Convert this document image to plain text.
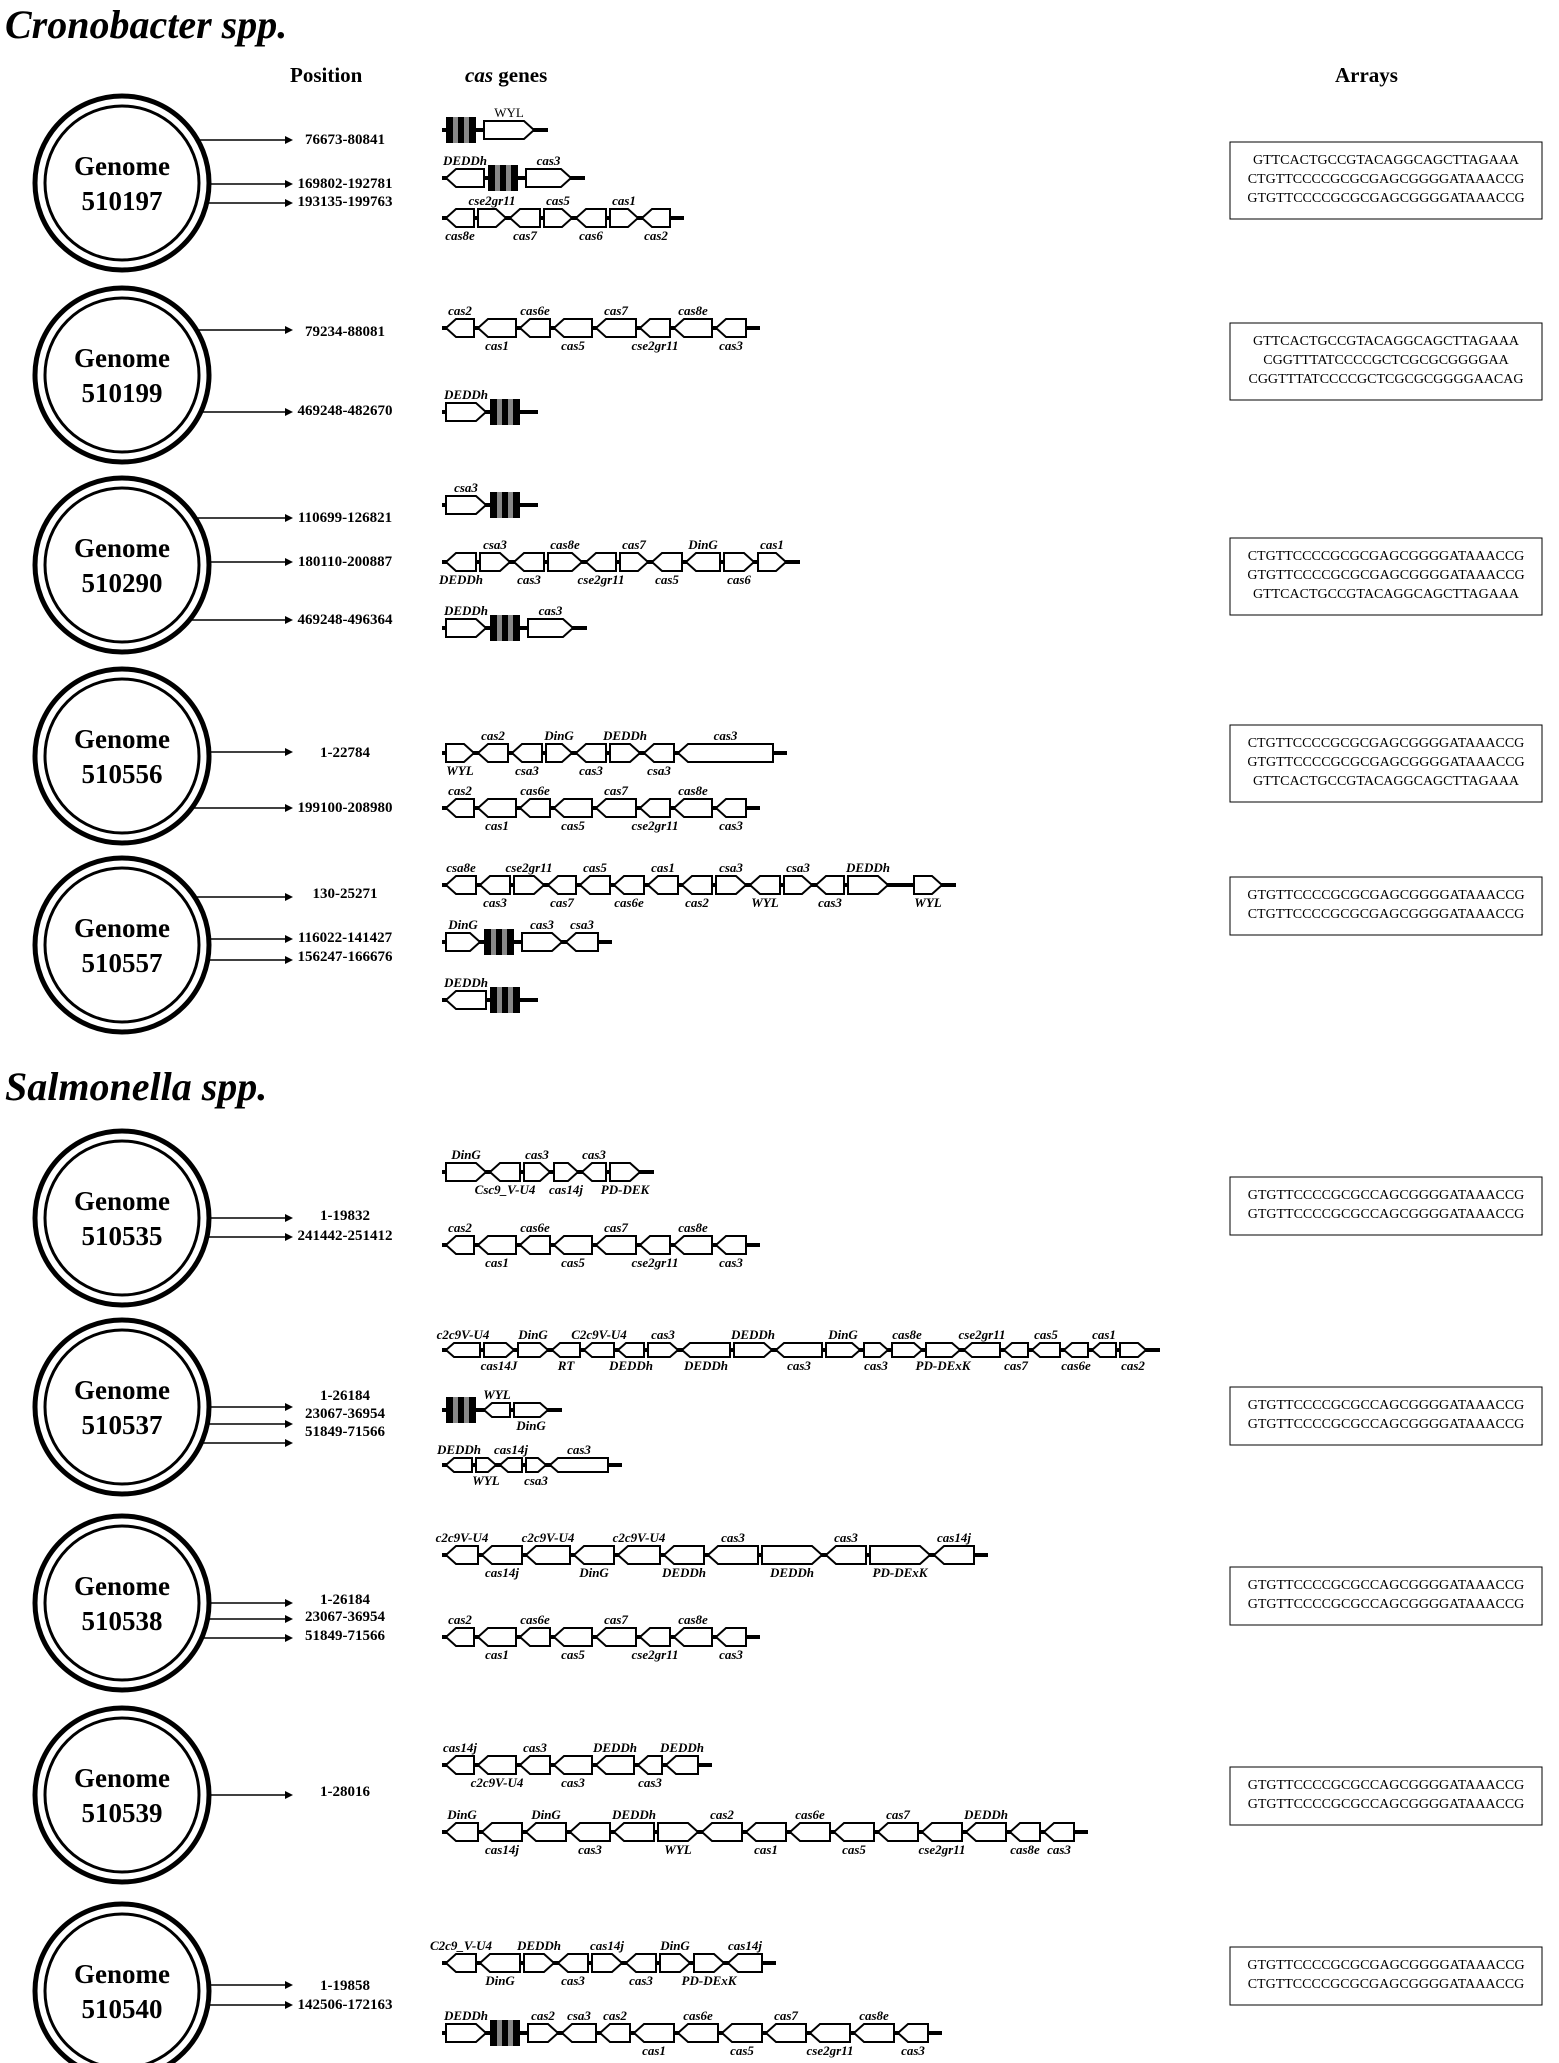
Cronobacter spp.
Position	cas genes	Arrays
Salmonella spp.
Genome
510197
76673-80841
169802-192781
193135-199763
WYL
DEDDh	cas3
cas8e
cse2gr11
cas7
cas5
cas6
cas1
cas2
GTTCACTGCCGTACAGGCAGCTTAGAAA
CTGTTCCCCGCGCGAGCGGGGATAAACCG
GTGTTCCCCGCGCGAGCGGGGATAAACCG
Genome
510199
79234-88081
469248-482670
cas2
cas1
cas6e
cas5
cas7
cse2gr11
cas8e
cas3
DEDDh
GTTCACTGCCGTACAGGCAGCTTAGAAA
CGGTTTATCCCCGCTCGCGCGGGGAA
CGGTTTATCCCCGCTCGCGCGGGGAACAG
Genome
510290
110699-126821
180110-200887
469248-496364
csa3
DEDDh
csa3
cas3
cas8e
cse2gr11
cas7
cas5
DinG
cas6
cas1
DEDDh	cas3
CTGTTCCCCGCGCGAGCGGGGATAAACCG
GTGTTCCCCGCGCGAGCGGGGATAAACCG
GTTCACTGCCGTACAGGCAGCTTAGAAA
Genome
510556
1-22784
199100-208980
WYL
cas2
csa3
DinG
cas3
DEDDh
csa3
cas3
cas2
cas1
cas6e
cas5
cas7
cse2gr11
cas8e
cas3
CTGTTCCCCGCGCGAGCGGGGATAAACCG
GTGTTCCCCGCGCGAGCGGGGATAAACCG
GTTCACTGCCGTACAGGCAGCTTAGAAA
Genome
510557
130-25271
116022-141427
156247-166676
csa8e
cas3
cse2gr11
cas7
cas5
cas6e
cas1
cas2
csa3
WYL
csa3
cas3
DEDDh
WYL
DinG	cas3 csa3
DEDDh
GTGTTCCCCGCGCGAGCGGGGATAAACCG
CTGTTCCCCGCGCGAGCGGGGATAAACCG
Genome
510535
1-19832
241442-251412
DinG
Csc9_V-U4
cas3
cas14j
cas3
PD-DEK
cas2
cas1
cas6e
cas5
cas7
cse2gr11
cas8e
cas3
GTGTTCCCCGCGCCAGCGGGGATAAACCG
GTGTTCCCCGCGCCAGCGGGGATAAACCG
Genome
510537
1-26184
23067-36954
51849-71566
c2c9V-U4
cas14J
DinG
RT
C2c9V-U4
DEDDh
cas3
DEDDh
DEDDh
cas3
DinG
cas3
cas8e
PD-DExK
cse2gr11
cas7
cas5
cas6e
cas1
cas2
WYL
DinG
DEDDh
WYL
cas14j
csa3
cas3
GTGTTCCCCGCGCCAGCGGGGATAAACCG
GTGTTCCCCGCGCCAGCGGGGATAAACCG
Genome
510538
1-26184
23067-36954
51849-71566
c2c9V-U4
cas14j
c2c9V-U4
DinG
c2c9V-U4
DEDDh
cas3
DEDDh
cas3
PD-DExK
cas14j
cas2
cas1
cas6e
cas5
cas7
cse2gr11
cas8e
cas3
GTGTTCCCCGCGCCAGCGGGGATAAACCG
GTGTTCCCCGCGCCAGCGGGGATAAACCG
Genome
510539
1-28016
cas14j
c2c9V-U4
cas3
cas3
DEDDh
cas3
DEDDh
DinG
cas14j
DinG
cas3
DEDDh
WYL
cas2
cas1
cas6e
cas5
cas7
cse2gr11
DEDDh
cas8e cas3
GTGTTCCCCGCGCCAGCGGGGATAAACCG
GTGTTCCCCGCGCCAGCGGGGATAAACCG
Genome
510540
1-19858
142506-172163
C2c9_V-U4
DinG
DEDDh
cas3
cas14j
cas3
DinG
PD-DExK
cas14j
DEDDh	cas2 csa3 cas2
cas1
cas6e
cas5
cas7
cse2gr11
cas8e
cas3
GTGTTCCCCGCGCGAGCGGGGATAAACCG
CTGTTCCCCGCGCGAGCGGGGATAAACCG
